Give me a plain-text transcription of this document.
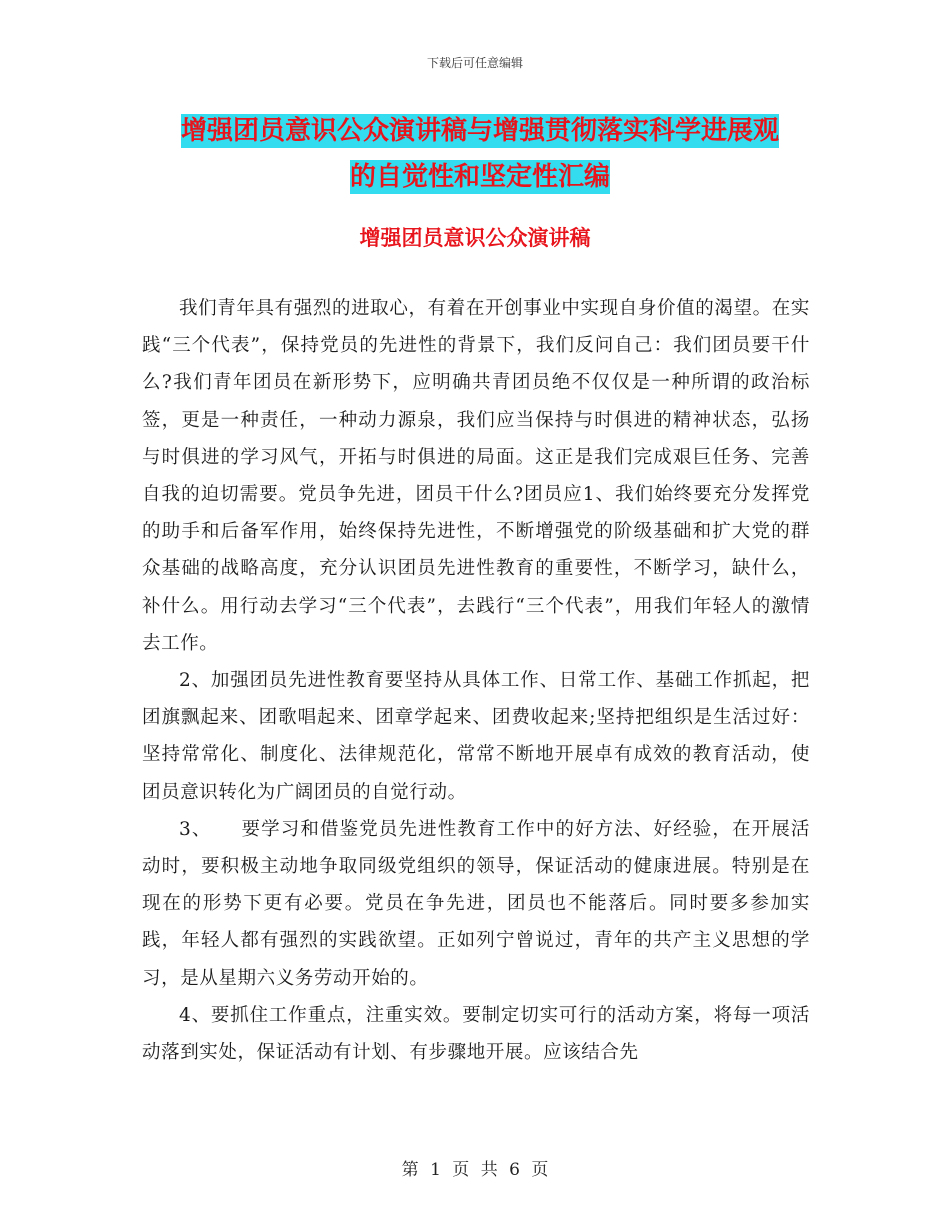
下载后可任意编辑
增强团员意识公众演讲稿与增强贯彻落实科学进展观
的自觉性和坚定性汇编
增强团员意识公众演讲稿

我们青年具有强烈的进取心，有着在开创事业中实现自身价值的渴望。在实践“三个代表”，保持党员的先进性的背景下，我们反问自己：我们团员要干什么?我们青年团员在新形势下，应明确共青团员绝不仅仅是一种所谓的政治标签，更是一种责任，一种动力源泉，我们应当保持与时俱进的精神状态，弘扬与时俱进的学习风气，开拓与时俱进的局面。这正是我们完成艰巨任务、完善自我的迫切需要。党员争先进，团员干什么?团员应1、我们始终要充分发挥党的助手和后备军作用，始终保持先进性，不断增强党的阶级基础和扩大党的群众基础的战略高度，充分认识团员先进性教育的重要性，不断学习，缺什么，补什么。用行动去学习“三个代表”，去践行“三个代表”，用我们年轻人的激情去工作。

2、加强团员先进性教育要坚持从具体工作、日常工作、基础工作抓起，把团旗飘起来、团歌唱起来、团章学起来、团费收起来;坚持把组织是生活过好：坚持常常化、制度化、法律规范化，常常不断地开展卓有成效的教育活动，使团员意识转化为广阔团员的自觉行动。

3、　　要学习和借鉴党员先进性教育工作中的好方法、好经验，在开展活动时，要积极主动地争取同级党组织的领导，保证活动的健康进展。特别是在现在的形势下更有必要。党员在争先进，团员也不能落后。同时要多参加实践，年轻人都有强烈的实践欲望。正如列宁曾说过，青年的共产主义思想的学习，是从星期六义务劳动开始的。

4、要抓住工作重点，注重实效。要制定切实可行的活动方案，将每一项活动落到实处，保证活动有计划、有步骤地开展。应该结合先

第 1 页 共 6 页
